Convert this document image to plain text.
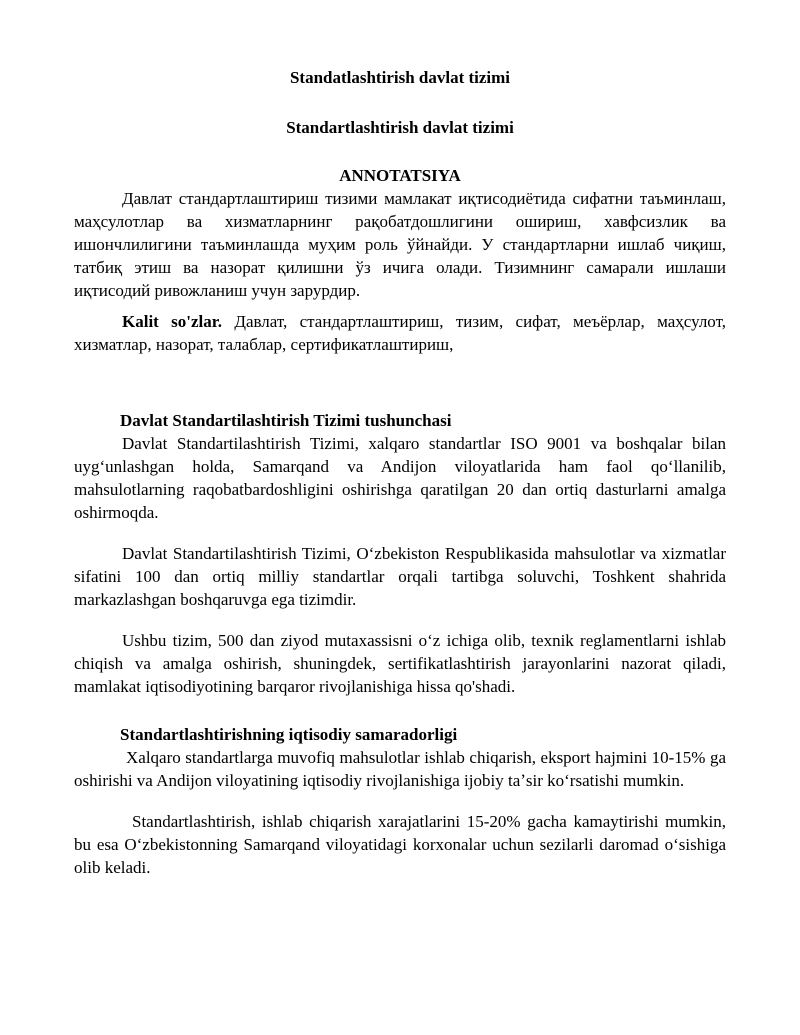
Standatlashtirish davlat tizimi
Standartlashtirish davlat tizimi
ANNOTATSIYA

Давлат стандартлаштириш тизими мамлакат иқтисодиётида сифатни таъминлаш, маҳсулотлар ва хизматларнинг рақобатдошлигини ошириш, хавфсизлик ва ишончлилигини таъминлашда муҳим роль ўйнайди. У стандартларни ишлаб чиқиш, татбиқ этиш ва назорат қилишни ўз ичига олади. Тизимнинг самарали ишлаши иқтисодий ривожланиш учун зарурдир.

Kalit so'zlar. Давлат, стандартлаштириш, тизим, сифат, меъёрлар, маҳсулот, хизматлар, назорат, талаблар, сертификатлаштириш,

Davlat Standartilashtirish Tizimi tushunchasi

Davlat Standartilashtirish Tizimi, xalqaro standartlar ISO 9001 va boshqalar bilan uygʻunlashgan holda, Samarqand va Andijon viloyatlarida ham faol qoʻllanilib, mahsulotlarning raqobatbardoshligini oshirishga qaratilgan 20 dan ortiq dasturlarni amalga oshirmoqda.

Davlat Standartilashtirish Tizimi, Oʻzbekiston Respublikasida mahsulotlar va xizmatlar sifatini 100 dan ortiq milliy standartlar orqali tartibga soluvchi, Toshkent shahrida markazlashgan boshqaruvga ega tizimdir.

Ushbu tizim, 500 dan ziyod mutaxassisni oʻz ichiga olib, texnik reglamentlarni ishlab chiqish va amalga oshirish, shuningdek, sertifikatlashtirish jarayonlarini nazorat qiladi, mamlakat iqtisodiyotining barqaror rivojlanishiga hissa qo'shadi.

Standartlashtirishning iqtisodiy samaradorligi

Xalqaro standartlarga muvofiq mahsulotlar ishlab chiqarish, eksport hajmini 10-15% ga oshirishi va Andijon viloyatining iqtisodiy rivojlanishiga ijobiy taʼsir koʻrsatishi mumkin.

Standartlashtirish, ishlab chiqarish xarajatlarini 15-20% gacha kamaytirishi mumkin, bu esa Oʻzbekistonning Samarqand viloyatidagi korxonalar uchun sezilarli daromad oʻsishiga olib keladi.
